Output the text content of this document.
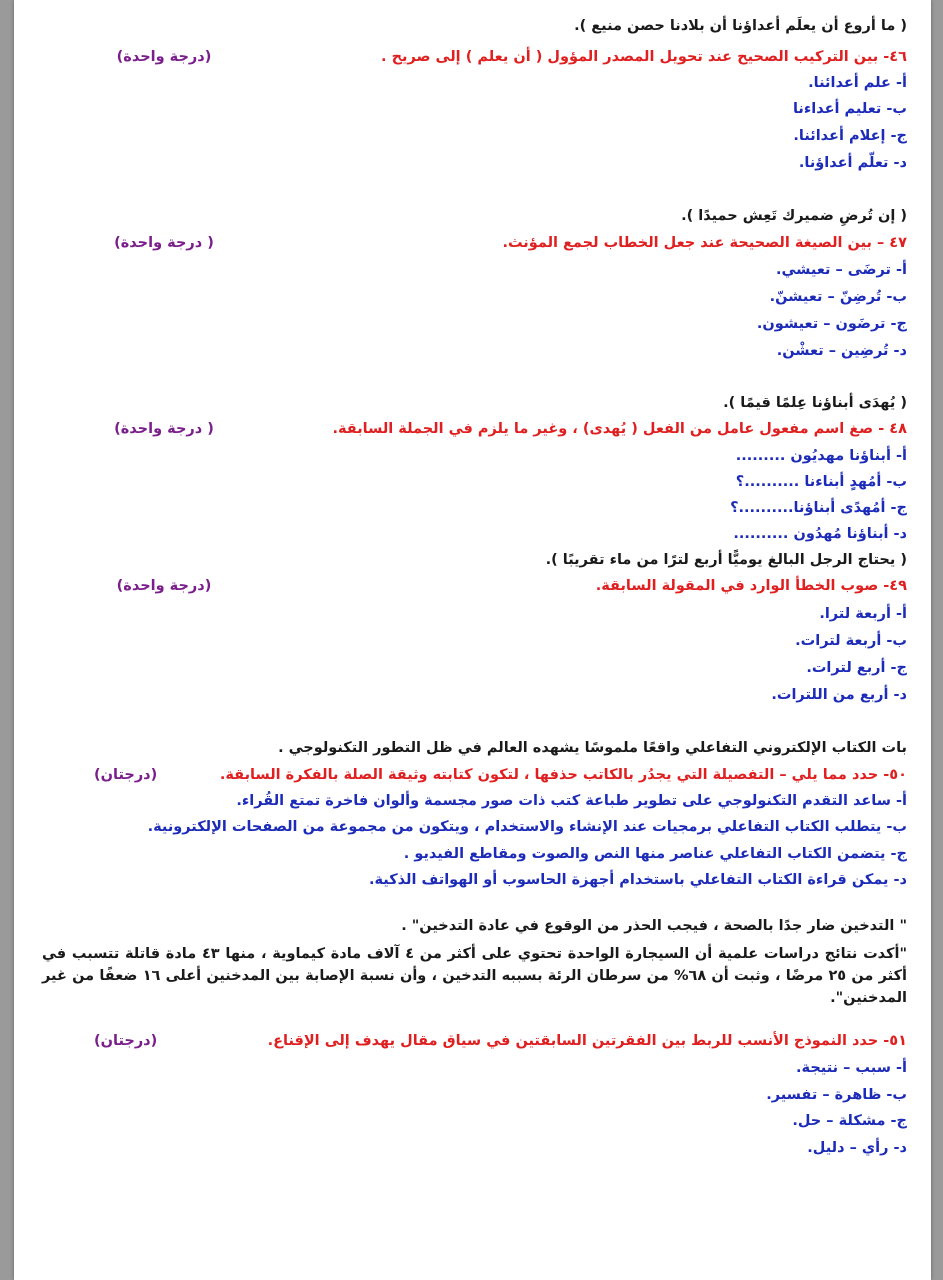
( ما أروع أن يعلَم أعداؤنا أن بلادنا حصن منيع ).
٤٦- بين التركيب الصحيح عند تحويل المصدر المؤول ( أن يعلم ) إلى صريح .
(درجة واحدة)
أ- علم أعدائنا.
ب- تعليم أعداءنا
ج- إعلام أعدائنا.
د- تعلّم أعداؤنا.
( إن تُرضِ ضميرك تَعِش حميدًا ).
٤٧ – بين الصيغة الصحيحة عند جعل الخطاب لجمع المؤنث.
( درجة واحدة)
أ- ترضَى – تعيشي.
ب- تُرضِنّ – تعيشنّ.
ج- ترضَون – تعيشون.
د- تُرضِين – تعشْن.
( يُهدَى أبناؤنا عِلمًا قيمًا ).
٤٨ - صغ اسم مفعول عامل من الفعل ( يُهدى) ، وغير ما يلزم في الجملة السابقة.
( درجة واحدة)
أ- أبناؤنا مهديُون .........
ب- أمُهدٍ أبناءنا ..........؟
ج- أمُهدًى أبناؤنا..........؟
د- أبناؤنا مُهدُون ..........
( يحتاج الرجل البالغ يوميًّا أربع لترًا من ماء تقريبًا ).
٤٩- صوب الخطأ الوارد في المقولة السابقة.
(درجة واحدة)
أ- أربعة لترا.
ب- أربعة لترات.
ج- أربع لترات.
د- أربع من اللترات.
بات الكتاب الإلكتروني التفاعلي واقعًا ملموسًا يشهده العالم في ظل التطور التكنولوجي .
٥٠- حدد مما يلي – التفصيلة التي يجدُر بالكاتب حذفها ، لتكون كتابته وثيقة الصلة بالفكرة السابقة.
(درجتان)
أ- ساعد التقدم التكنولوجي على تطوير طباعة كتب ذات صور مجسمة وألوان فاخرة تمتع القُراء.
ب- يتطلب الكتاب التفاعلي برمجيات عند الإنشاء والاستخدام ، ويتكون من مجموعة من الصفحات الإلكترونية.
ج- يتضمن الكتاب التفاعلي عناصر منها النص والصوت ومقاطع الفيديو .
د- يمكن قراءة الكتاب التفاعلي باستخدام أجهزة الحاسوب أو الهواتف الذكية.
" التدخين ضار جدًا بالصحة ، فيجب الحذر من الوقوع في عادة التدخين" .
"أكدت نتائج دراسات علمية أن السيجارة الواحدة تحتوي على أكثر من ٤ آلاف مادة كيماوية ، منها ٤٣ مادة قاتلة تتسبب في أكثر من ٢٥ مرضًا ، وثبت أن ٦٨% من سرطان الرئة بسببه التدخين ، وأن نسبة الإصابة بين المدخنين أعلى ١٦ ضعفًا من غير المدخنين".
٥١- حدد النموذج الأنسب للربط بين الفقرتين السابقتين في سياق مقال يهدف إلى الإقناع.
(درجتان)
أ- سبب – نتيجة.
ب- ظاهرة – تفسير.
ج- مشكلة – حل.
د- رأي – دليل.
